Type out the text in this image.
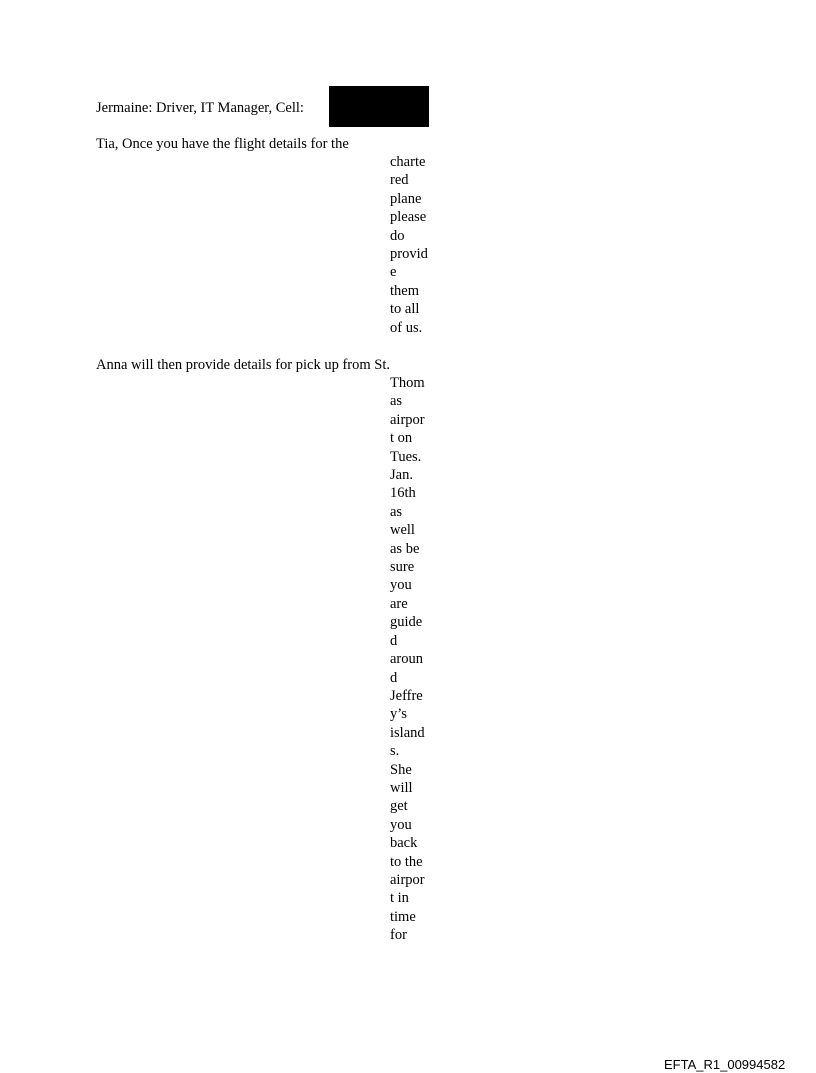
Jermaine: Driver, IT Manager, Cell:
Tia, Once you have the flight details for the
charte
red
plane
please
do
provid
e
them
to all
of us.
Anna will then provide details for pick up from St.
Thom
as
airpor
t on
Tues.
Jan.
16th
as
well
as be
sure
you
are
guide
d
aroun
d
Jeffre
y’s
island
s.
She
will
get
you
back
to the
airpor
t in
time
for
EFTA_R1_00994582
